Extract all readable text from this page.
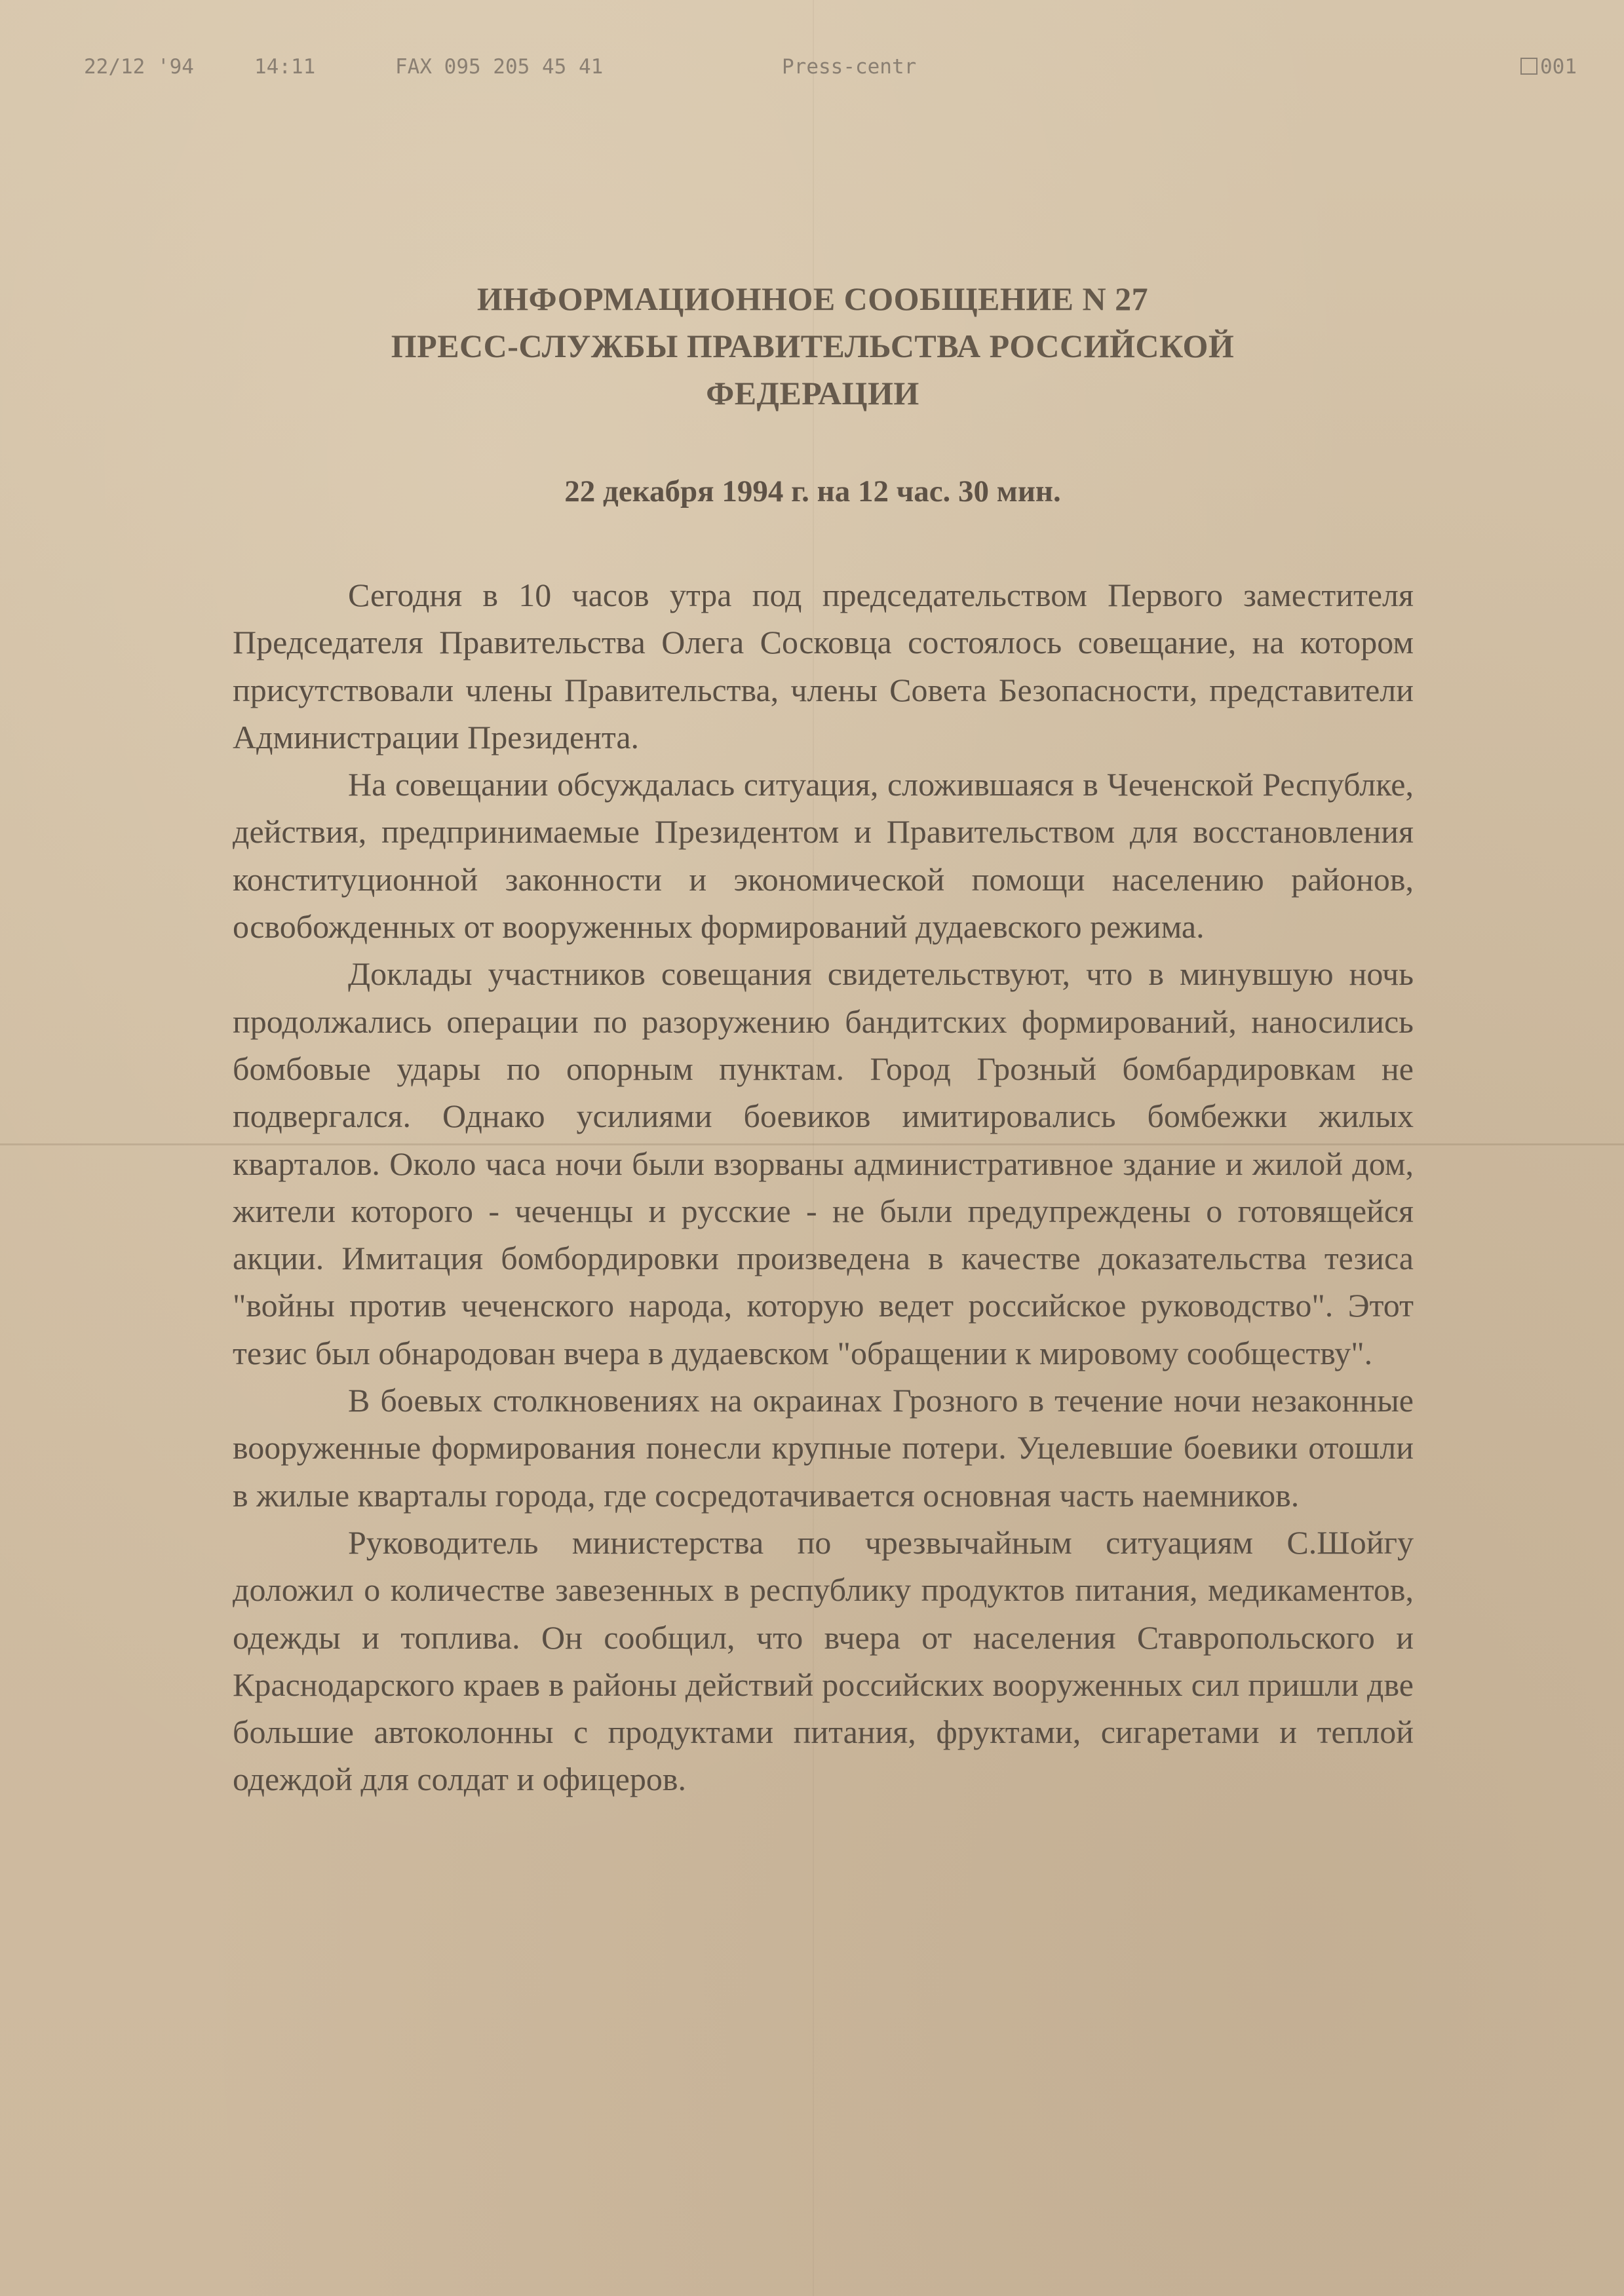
22/12 '94

	14:11

	FAX 095 205 45 41

	Press-centr

	001

ИНФОРМАЦИОННОЕ СООБЩЕНИЕ N 27
ПРЕСС-СЛУЖБЫ ПРАВИТЕЛЬСТВА РОССИЙСКОЙ
ФЕДЕРАЦИИ
22 декабря 1994 г. на 12 час. 30 мин.

Сегодня в 10 часов утра под председательством Первого заместителя Председателя Правительства Олега Сосковца состоялось совещание, на котором присутствовали члены Правительства, члены Совета Безопасности, представители Администрации Президента.

На совещании обсуждалась ситуация, сложившаяся в Чеченской Республке, действия, предпринимаемые Президентом и Правительством для восстановления конституционной законности и экономической помощи населению районов, освобожденных от вооруженных формирований дудаевского режима.

Доклады участников совещания свидетельствуют, что в минувшую ночь продолжались операции по разоружению бандитских формирований, наносились бомбовые удары по опорным пунктам. Город Грозный бомбардировкам не подвергался. Однако усилиями боевиков имитировались бомбежки жилых кварталов. Около часа ночи были взорваны административное здание и жилой дом, жители которого - чеченцы и русские - не были предупреждены о готовящейся акции. Имитация бомбордировки произведена в качестве доказательства тезиса "войны против чеченского народа, которую ведет российское руководство". Этот тезис был обнародован вчера в дудаевском "обращении к мировому сообществу".

В боевых столкновениях на окраинах Грозного в течение ночи незаконные вооруженные формирования понесли крупные потери. Уцелевшие боевики отошли в жилые кварталы города, где сосредотачивается основная часть наемников.

Руководитель министерства по чрезвычайным ситуациям С.Шойгу доложил о количестве завезенных в республику продуктов питания, медикаментов, одежды и топлива. Он сообщил, что вчера от населения Ставропольского и Краснодарского краев в районы действий российских вооруженных сил пришли две большие автоколонны с продуктами питания, фруктами, сигаретами и теплой одеждой для солдат и офицеров.
